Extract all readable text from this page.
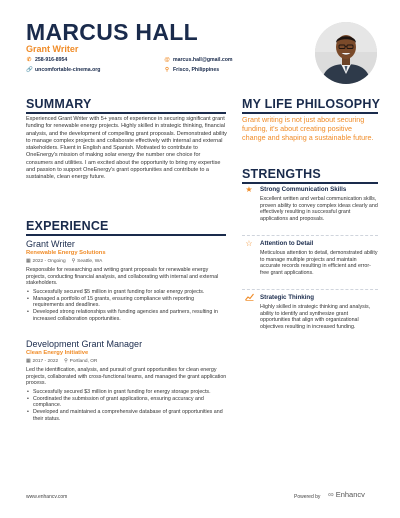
MARCUS HALL
Grant Writer
✆ 258-916-8954	@ marcus.hall@gmail.com
🔗 uncomfortable-cinema.org	⚲ Frisco, Philippines
SUMMARY
Experienced Grant Writer with 5+ years of experience in securing significant grant funding for renewable energy projects. Highly skilled in strategic thinking, financial analysis, and the development of compelling grant proposals. Demonstrated ability to manage complex projects and collaborate effectively with internal and external stakeholders. Fluent in English and Spanish. Motivated to contribute to OneEnergy's mission of making solar energy the number one choice for consumers and utilities. I am excited about the opportunity to bring my expertise and passion to support OneEnergy's grant opportunities and contribute to a sustainable, clean energy future.
EXPERIENCE
Grant Writer
Renewable Energy Solutions
▦ 2022 - Ongoing ⚲ Seattle, WA
Responsible for researching and writing grant proposals for renewable energy projects, conducting financial analysis, and collaborating with internal and external stakeholders.
• Successfully secured $5 million in grant funding for solar energy projects.
• Managed a portfolio of 15 grants, ensuring compliance with reporting requirements and deadlines.
• Developed strong relationships with funding agencies and partners, resulting in increased collaboration opportunities.
Development Grant Manager
Clean Energy Initiative
▦ 2017 - 2022 ⚲ Portland, OR
Led the identification, analysis, and pursuit of grant opportunities for clean energy projects, collaborated with cross-functional teams, and managed the grant application process.
• Successfully secured $3 million in grant funding for energy storage projects.
• Coordinated the submission of grant applications, ensuring accuracy and compliance.
• Developed and maintained a comprehensive database of grant opportunities and their status.
MY LIFE PHILOSOPHY
Grant writing is not just about securing funding, it's about creating positive change and shaping a sustainable future.
STRENGTHS
★ Strong Communication Skills
Excellent written and verbal communication skills, proven ability to convey complex ideas clearly and effectively resulting in successful grant applications and proposals.
☆ Attention to Detail
Meticulous attention to detail, demonstrated ability to manage multiple projects and maintain accurate records resulting in efficient and error-free grant applications.
Strategic Thinking
Highly skilled in strategic thinking and analysis, ability to identify and synthesize grant opportunities that align with organizational objectives resulting in increased funding.
www.enhancv.com	Powered by ∞ Enhancv
